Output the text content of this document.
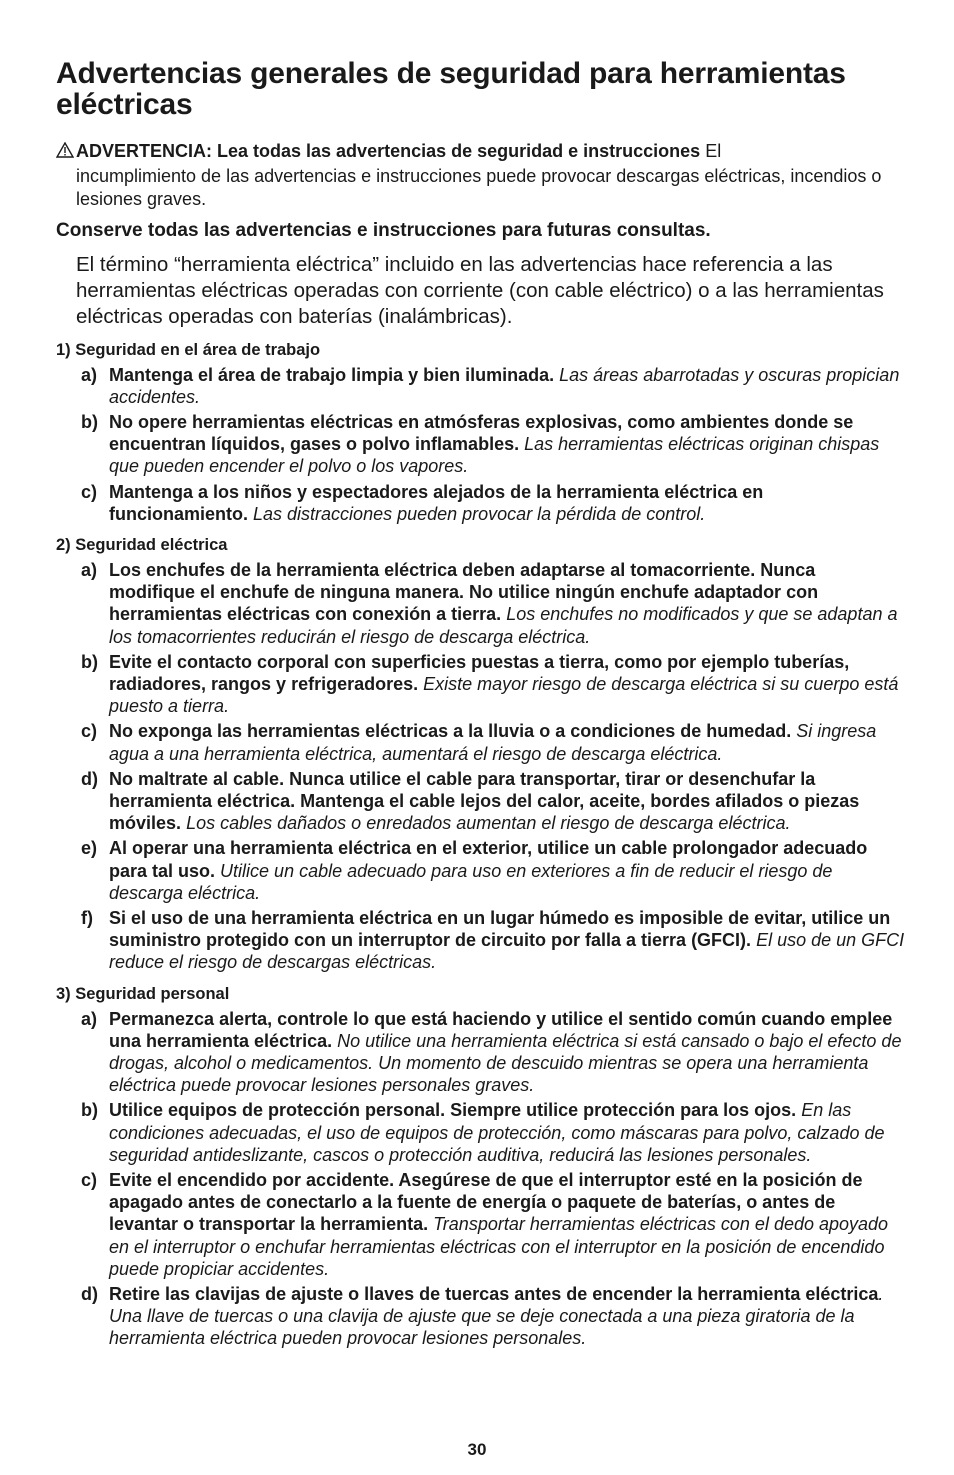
Advertencias generales de seguridad para herramientas eléctricas
ADVERTENCIA: Lea todas las advertencias de seguridad e instrucciones El
incumplimiento de las advertencias e instrucciones puede provocar descargas eléctricas, incendios o lesiones graves.

Conserve todas las advertencias e instrucciones para futuras consultas.

El término “herramienta eléctrica” incluido en las advertencias hace referencia a las herramientas eléctricas operadas con corriente (con cable eléctrico) o a las herramientas eléctricas operadas con baterías (inalámbricas).

1) Seguridad en el área de trabajo
a) Mantenga el área de trabajo limpia y bien iluminada. Las áreas abarrotadas y oscuras propician accidentes.
b) No opere herramientas eléctricas en atmósferas explosivas, como ambientes donde se encuentran líquidos, gases o polvo inflamables. Las herramientas eléctricas originan chispas que pueden encender el polvo o los vapores.
c) Mantenga a los niños y espectadores alejados de la herramienta eléctrica en funcionamiento. Las distracciones pueden provocar la pérdida de control.
2) Seguridad eléctrica
a) Los enchufes de la herramienta eléctrica deben adaptarse al tomacorriente. Nunca modifique el enchufe de ninguna manera. No utilice ningún enchufe adaptador con herramientas eléctricas con conexión a tierra. Los enchufes no modificados y que se adaptan a los tomacorrientes reducirán el riesgo de descarga eléctrica.
b) Evite el contacto corporal con superficies puestas a tierra, como por ejemplo tuberías, radiadores, rangos y refrigeradores. Existe mayor riesgo de descarga eléctrica si su cuerpo está puesto a tierra.
c) No exponga las herramientas eléctricas a la lluvia o a condiciones de humedad. Si ingresa agua a una herramienta eléctrica, aumentará el riesgo de descarga eléctrica.
d) No maltrate al cable. Nunca utilice el cable para transportar, tirar or desenchufar la herramienta eléctrica. Mantenga el cable lejos del calor, aceite, bordes afilados o piezas móviles. Los cables dañados o enredados aumentan el riesgo de descarga eléctrica.
e) Al operar una herramienta eléctrica en el exterior, utilice un cable prolongador adecuado para tal uso. Utilice un cable adecuado para uso en exteriores a fin de reducir el riesgo de descarga eléctrica.
f) Si el uso de una herramienta eléctrica en un lugar húmedo es imposible de evitar, utilice un suministro protegido con un interruptor de circuito por falla a tierra (GFCI). El uso de un GFCI reduce el riesgo de descargas eléctricas.
3) Seguridad personal
a) Permanezca alerta, controle lo que está haciendo y utilice el sentido común cuando emplee una herramienta eléctrica. No utilice una herramienta eléctrica si está cansado o bajo el efecto de drogas, alcohol o medicamentos. Un momento de descuido mientras se opera una herramienta eléctrica puede provocar lesiones personales graves.
b) Utilice equipos de protección personal. Siempre utilice protección para los ojos. En las condiciones adecuadas, el uso de equipos de protección, como máscaras para polvo, calzado de seguridad antideslizante, cascos o protección auditiva, reducirá las lesiones personales.
c) Evite el encendido por accidente. Asegúrese de que el interruptor esté en la posición de apagado antes de conectarlo a la fuente de energía o paquete de baterías, o antes de levantar o transportar la herramienta. Transportar herramientas eléctricas con el dedo apoyado en el interruptor o enchufar herramientas eléctricas con el interruptor en la posición de encendido puede propiciar accidentes.
d) Retire las clavijas de ajuste o llaves de tuercas antes de encender la herramienta eléctrica. Una llave de tuercas o una clavija de ajuste que se deje conectada a una pieza giratoria de la herramienta eléctrica pueden provocar lesiones personales.
30
